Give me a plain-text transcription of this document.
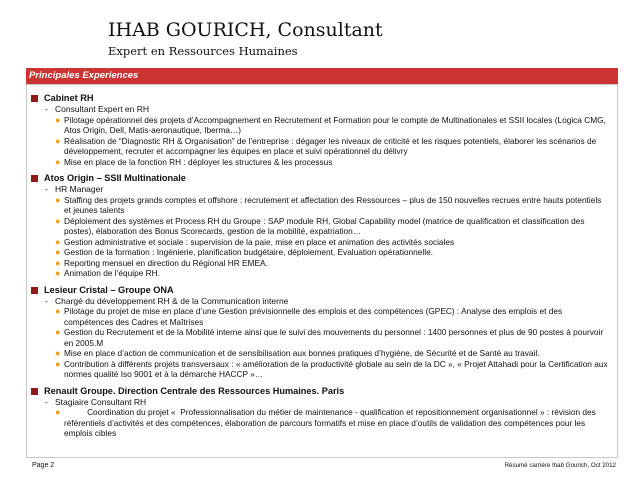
IHAB GOURICH, Consultant
Expert en Ressources Humaines
Principales Experiences
Cabinet RH
- Consultant Expert en RH
● Pilotage opérationnel des projets d’Accompagnement en Recrutement et Formation pour le compte de Multinationales et SSII locales (Logica CMG, Atos Origin, Dell, Matis-aeronautique, Iberma…)
● Réalisation de “Diagnostic RH & Organisation” de l’entreprise : dégager les niveaux de criticité et les risques potentiels, élaborer les scénarios de développement, recruter et accompagner les équipes en place et suivi opérationnel du délivry
● Mise en place de la fonction RH : déployer les structures & les processus
Atos Origin – SSII Multinationale
- HR Manager
● Staffing des projets grands comptes et offshore : recrutement et affectation des Ressources – plus de 150 nouvelles recrues entre hauts potentiels et jeunes talents
● Déploiement des systèmes et Process RH du Groupe : SAP module RH, Global Capability model (matrice de qualification et classification des postes), élaboration des Bonus Scorecards, gestion de la mobilité, expatriation…
● Gestion administrative et sociale : supervision de la paie, mise en place et animation des activités sociales
● Gestion de la formation : Ingénierie, planification budgétaire, déploiement, Evaluation opérationnelle.
● Reporting mensuel en direction du Régional HR EMEA.
● Animation de l’équipe RH.
Lesieur Cristal – Groupe ONA
- Chargé du développement RH & de la Communication interne
● Pilotage du projet de mise en place d’une Gestion prévisionnelle des emplois et des compétences (GPEC) : Analyse des emplois et des compétences des Cadres et Maîtrises
● Gestion du Recrutement et de la Mobilité interne ainsi que le suivi des mouvements du personnel : 1400 personnes et plus de 90 postes à pourvoir en 2005.M
● Mise en place d’action de communication et de sensibilisation aux bonnes pratiques d’hygiène, de Sécurité et de Santé au travail.
● Contribution à différents projets transversaux : « amélioration de la productivité globale au sein de la DC », « Projet Attahadi pour la Certification aux normes qualité Iso 9001 et à la démarche HACCP »…
Renault Groupe. Direction Centrale des Ressources Humaines. Paris
- Stagiaire Consultant RH
● Coordination du projet «  Professionnalisation du métier de maintenance - qualification et repositionnement organisationnel » : révision des référentiels d’activités et des compétences, élaboration de parcours formatifs et mise en place d’outils de validation des compétences pour les emplois cibles
Page 2	Résumé carrière Ihab Gourich, Oct 2012
